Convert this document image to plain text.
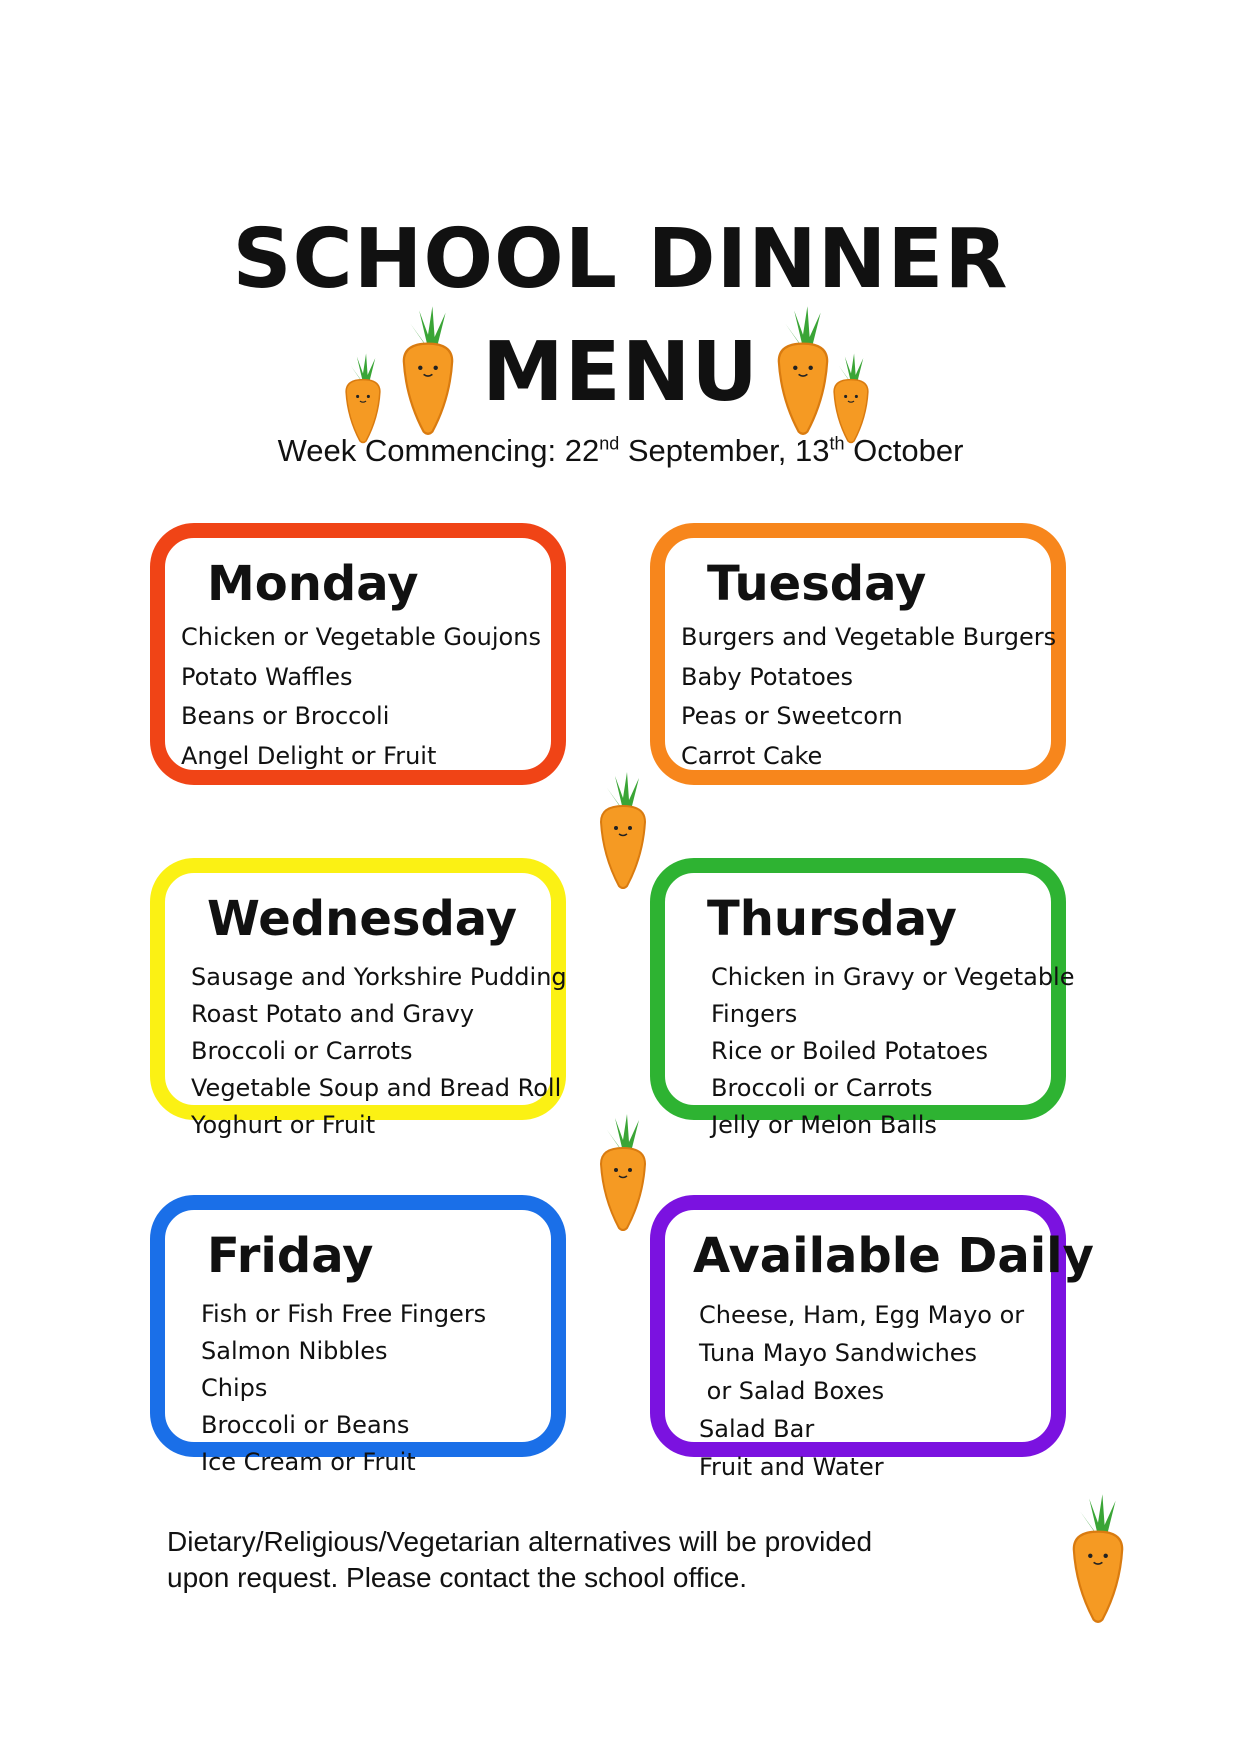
SCHOOL DINNER
MENU
Week Commencing: 22nd September, 13th October
Monday
Chicken or Vegetable Goujons
Potato Waffles
Beans or Broccoli
Angel Delight or Fruit
Tuesday
Burgers and Vegetable Burgers
Baby Potatoes
Peas or Sweetcorn
Carrot Cake
Wednesday
Sausage and Yorkshire Pudding
Roast Potato and Gravy
Broccoli or Carrots
Vegetable Soup and Bread Roll
Yoghurt or Fruit
Thursday
Chicken in Gravy or Vegetable
Fingers
Rice or Boiled Potatoes
Broccoli or Carrots
Jelly or Melon Balls
Friday
Fish or Fish Free Fingers
Salmon Nibbles
Chips
Broccoli or Beans
Ice Cream or Fruit
Available Daily
Cheese, Ham, Egg Mayo or
Tuna Mayo Sandwiches
or Salad Boxes
Salad Bar
Fruit and Water
Dietary/Religious/Vegetarian alternatives will be provided
upon request. Please contact the school office.
